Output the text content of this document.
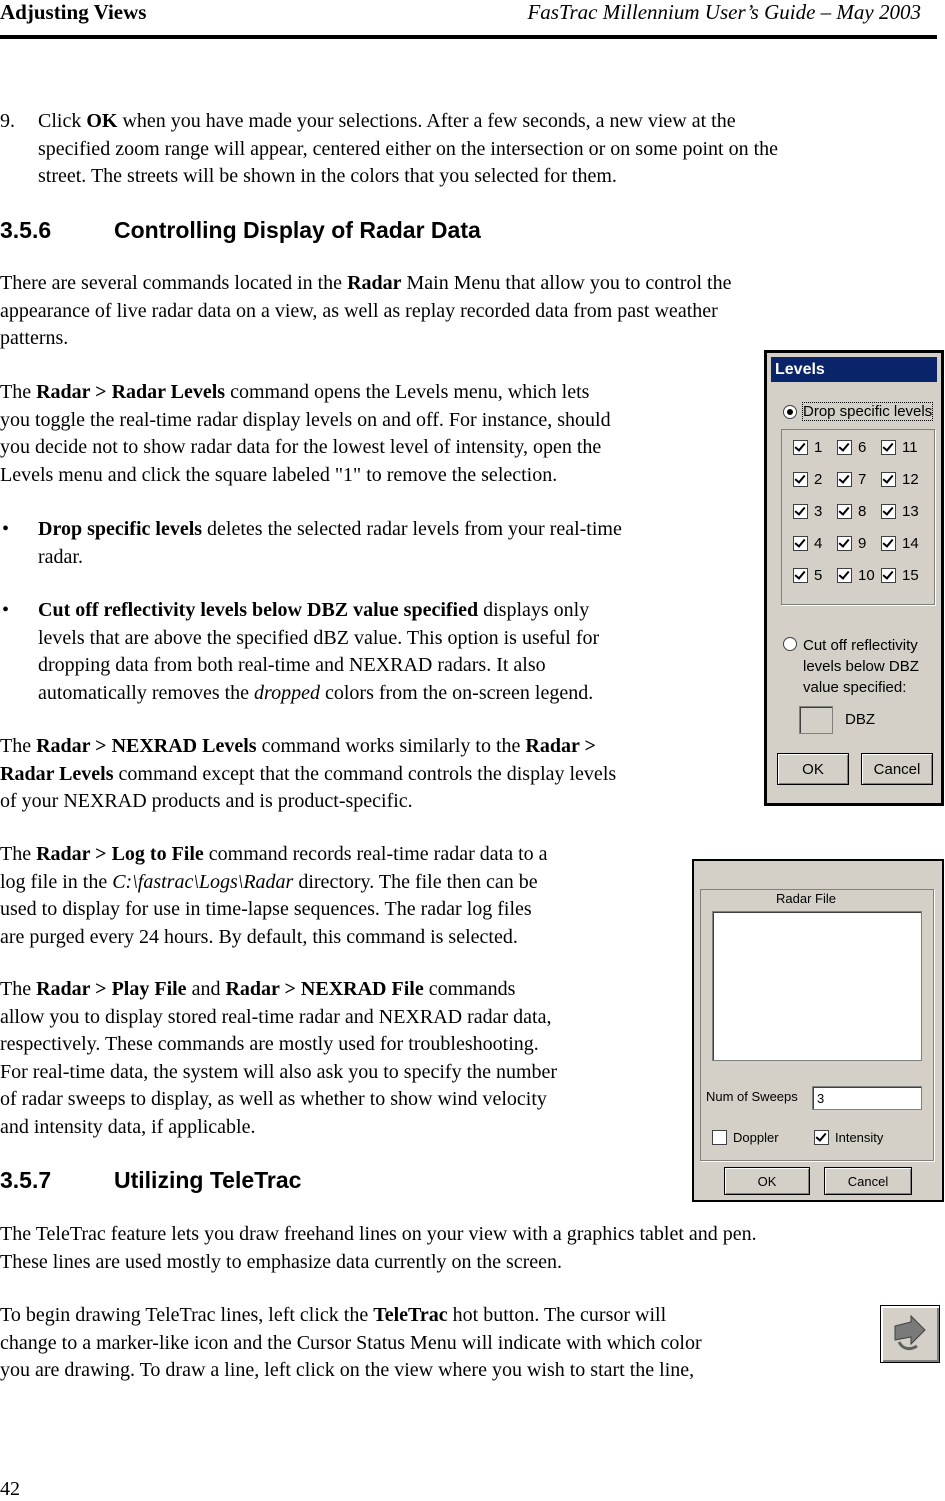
Adjusting Views	FasTrac Millennium User’s Guide – May 2003
9. Click OK when you have made your selections. After a few seconds, a new view at the
specified zoom range will appear, centered either on the intersection or on some point on the
street. The streets will be shown in the colors that you selected for them.
3.5.6	Controlling Display of Radar Data
There are several commands located in the Radar Main Menu that allow you to control the
appearance of live radar data on a view, as well as replay recorded data from past weather
patterns.
The Radar > Radar Levels command opens the Levels menu, which lets
you toggle the real-time radar display levels on and off. For instance, should
you decide not to show radar data for the lowest level of intensity, open the
Levels menu and click the square labeled "1" to remove the selection.
• Drop specific levels deletes the selected radar levels from your real-time
radar.
• Cut off reflectivity levels below DBZ value specified displays only
levels that are above the specified dBZ value. This option is useful for
dropping data from both real-time and NEXRAD radars. It also
automatically removes the dropped colors from the on-screen legend.
The Radar > NEXRAD Levels command works similarly to the Radar >
Radar Levels command except that the command controls the display levels
of your NEXRAD products and is product-specific.
The Radar > Log to File command records real-time radar data to a
log file in the C:\fastrac\Logs\Radar directory. The file then can be
used to display for use in time-lapse sequences. The radar log files
are purged every 24 hours. By default, this command is selected.
The Radar > Play File and Radar > NEXRAD File commands
allow you to display stored real-time radar and NEXRAD radar data,
respectively. These commands are mostly used for troubleshooting.
For real-time data, the system will also ask you to specify the number
of radar sweeps to display, as well as whether to show wind velocity
and intensity data, if applicable.
3.5.7	Utilizing TeleTrac
The TeleTrac feature lets you draw freehand lines on your view with a graphics tablet and pen.
These lines are used mostly to emphasize data currently on the screen.
To begin drawing TeleTrac lines, left click the TeleTrac hot button. The cursor will
change to a marker-like icon and the Cursor Status Menu will indicate with which color
you are drawing. To draw a line, left click on the view where you wish to start the line,
42
Levels
Drop specific levels
Cut off reflectivity
levels below DBZ
value specified:
DBZ
OK	Cancel
1 6 11
2 7 12
3 8 13
4 9 14
5 10 15
Radar File
Num of Sweeps	3
Doppler	Intensity
OK	Cancel
